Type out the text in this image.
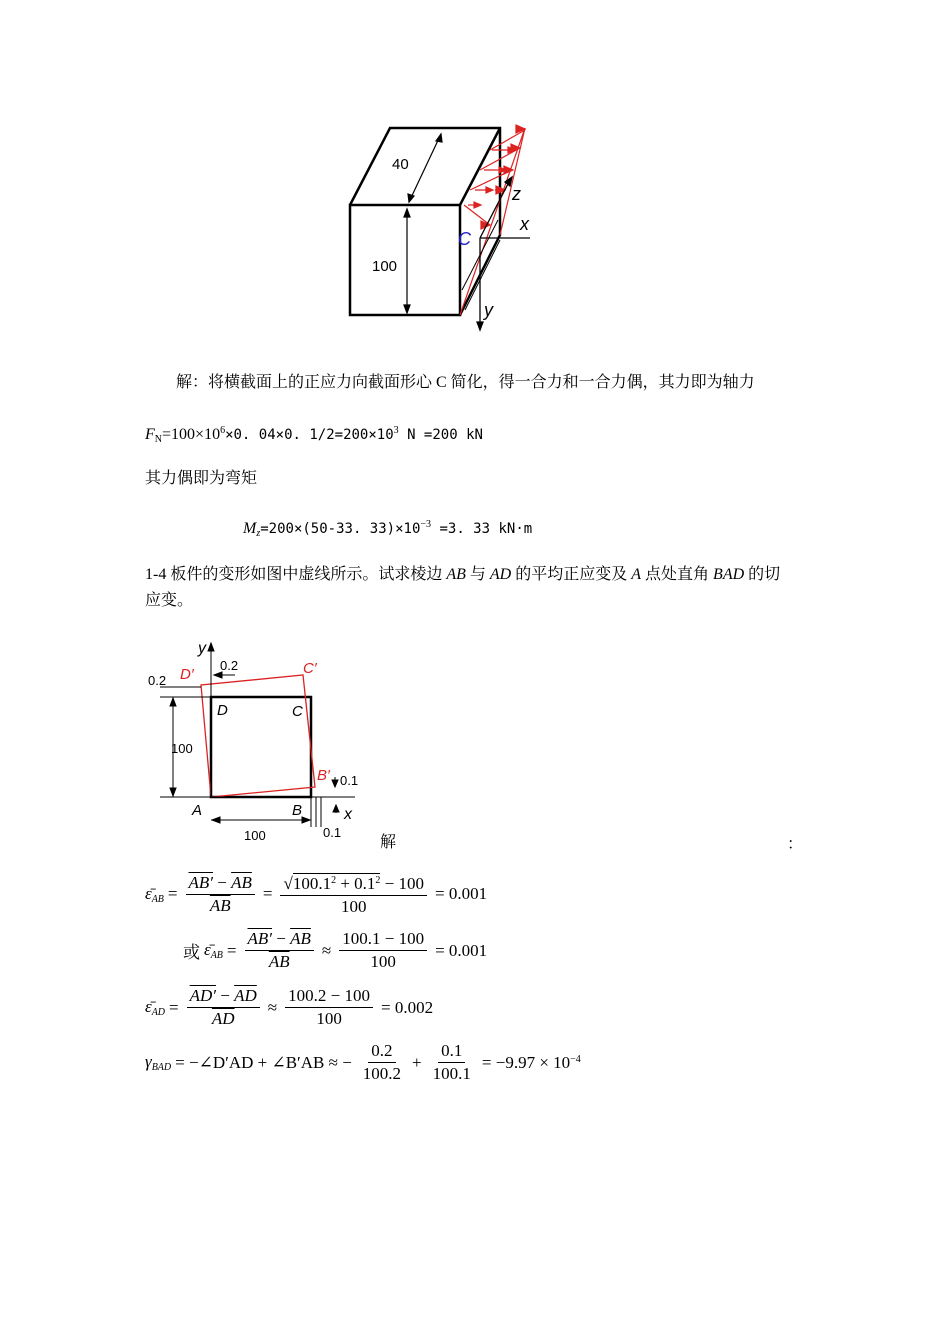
40
100
C
x
z
y
解：将横截面上的正应力向截面形心 C 简化，得一合力和一合力偶，其力即为轴力
$F_N=100\times 10^6\times 0$. 04×0. $1/2=200\times 10^3$ N =200 kN
其力偶即为弯矩
$M_z=200\times(50-33$. $33)\times 10^{-3} =3$. 33 kN·m
1-4 板件的变形如图中虚线所示。试求棱边 AB 与 AD 的平均正应变及 A 点处直角 BAD 的切
应变。
y
x
D′	C′
D	C
A	B
B′
0.2
0.2
100
100
0.1
0.1
解	：
$\varepsilon̄_{AB} = \frac{AB' - \overline{AB}}{AB} = \frac{√100.1^2 + 0.1^2 - 100}{100} = 0.001$
或 $\varepsilon̄_{AB} = \frac{AB' - \overline{AB}}{AB} \approx \frac{100.1 - 100}{100} = 0.001$
$\varepsilon̄_{AD} = \frac{AD' - \overline{AD}}{AD} \approx \frac{100.2 - 100}{100} = 0.002$
$\gamma_{BAD}$ = −∠D′AD + ∠B′AB ≈ − $\frac{0.2}{100.2} + \frac{0.1}{100.1} = -9.97 \times 10^{-4}$
